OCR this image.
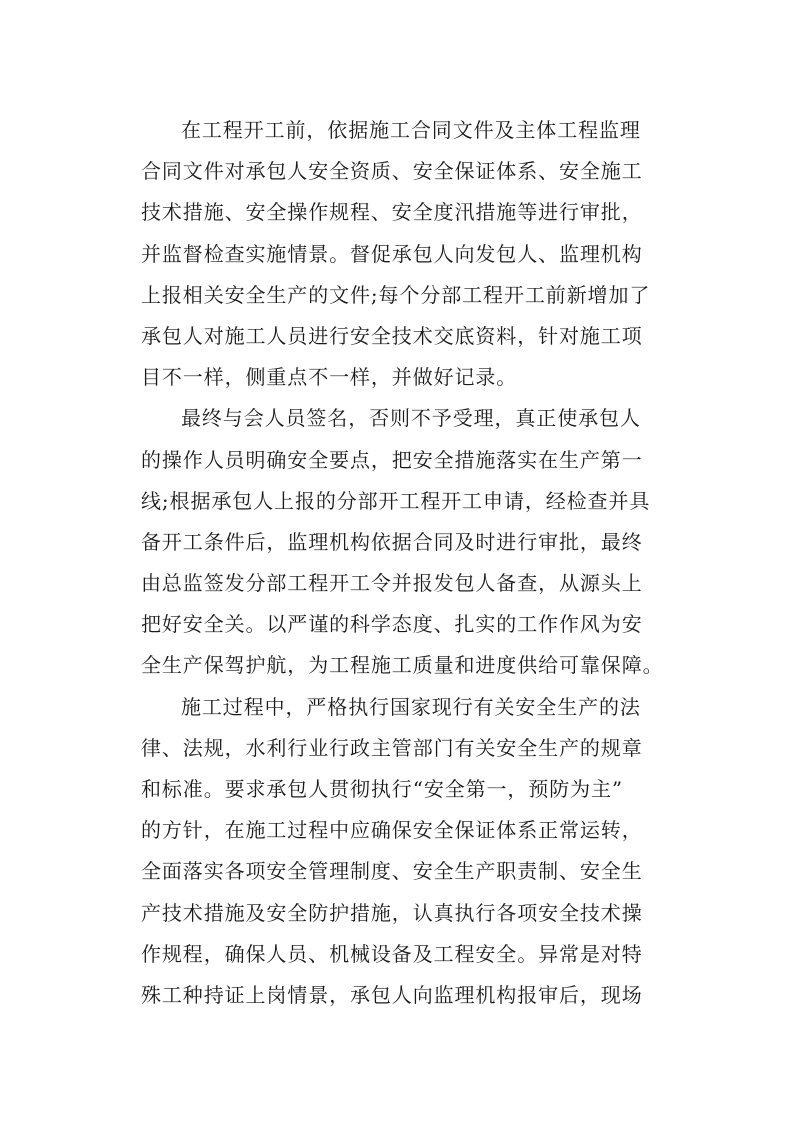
在工程开工前，依据施工合同文件及主体工程监理
合同文件对承包人安全资质、安全保证体系、安全施工
技术措施、安全操作规程、安全度汛措施等进行审批，
并监督检查实施情景。督促承包人向发包人、监理机构
上报相关安全生产的文件;每个分部工程开工前新增加了
承包人对施工人员进行安全技术交底资料，针对施工项
目不一样，侧重点不一样，并做好记录。
最终与会人员签名，否则不予受理，真正使承包人
的操作人员明确安全要点，把安全措施落实在生产第一
线;根据承包人上报的分部开工程开工申请，经检查并具
备开工条件后，监理机构依据合同及时进行审批，最终
由总监签发分部工程开工令并报发包人备查，从源头上
把好安全关。以严谨的科学态度、扎实的工作作风为安
全生产保驾护航，为工程施工质量和进度供给可靠保障。
施工过程中，严格执行国家现行有关安全生产的法
律、法规，水利行业行政主管部门有关安全生产的规章
和标准。要求承包人贯彻执行“安全第一，预防为主”
的方针，在施工过程中应确保安全保证体系正常运转，
全面落实各项安全管理制度、安全生产职责制、安全生
产技术措施及安全防护措施，认真执行各项安全技术操
作规程，确保人员、机械设备及工程安全。异常是对特
殊工种持证上岗情景，承包人向监理机构报审后，现场
